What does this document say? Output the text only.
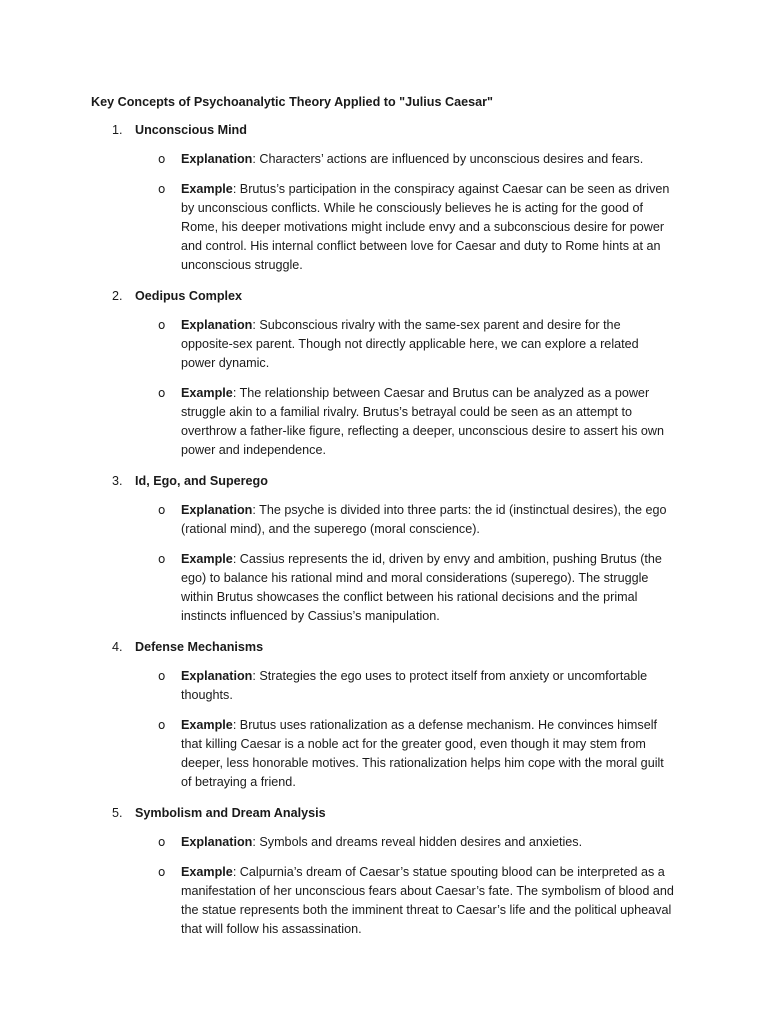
Key Concepts of Psychoanalytic Theory Applied to "Julius Caesar"
1. Unconscious Mind
o Explanation: Characters’ actions are influenced by unconscious desires and fears.
o Example: Brutus’s participation in the conspiracy against Caesar can be seen as driven by unconscious conflicts. While he consciously believes he is acting for the good of Rome, his deeper motivations might include envy and a subconscious desire for power and control. His internal conflict between love for Caesar and duty to Rome hints at an unconscious struggle.
2. Oedipus Complex
o Explanation: Subconscious rivalry with the same-sex parent and desire for the opposite-sex parent. Though not directly applicable here, we can explore a related power dynamic.
o Example: The relationship between Caesar and Brutus can be analyzed as a power struggle akin to a familial rivalry. Brutus’s betrayal could be seen as an attempt to overthrow a father-like figure, reflecting a deeper, unconscious desire to assert his own power and independence.
3. Id, Ego, and Superego
o Explanation: The psyche is divided into three parts: the id (instinctual desires), the ego (rational mind), and the superego (moral conscience).
o Example: Cassius represents the id, driven by envy and ambition, pushing Brutus (the ego) to balance his rational mind and moral considerations (superego). The struggle within Brutus showcases the conflict between his rational decisions and the primal instincts influenced by Cassius’s manipulation.
4. Defense Mechanisms
o Explanation: Strategies the ego uses to protect itself from anxiety or uncomfortable thoughts.
o Example: Brutus uses rationalization as a defense mechanism. He convinces himself that killing Caesar is a noble act for the greater good, even though it may stem from deeper, less honorable motives. This rationalization helps him cope with the moral guilt of betraying a friend.
5. Symbolism and Dream Analysis
o Explanation: Symbols and dreams reveal hidden desires and anxieties.
o Example: Calpurnia’s dream of Caesar’s statue spouting blood can be interpreted as a manifestation of her unconscious fears about Caesar’s fate. The symbolism of blood and the statue represents both the imminent threat to Caesar’s life and the political upheaval that will follow his assassination.
